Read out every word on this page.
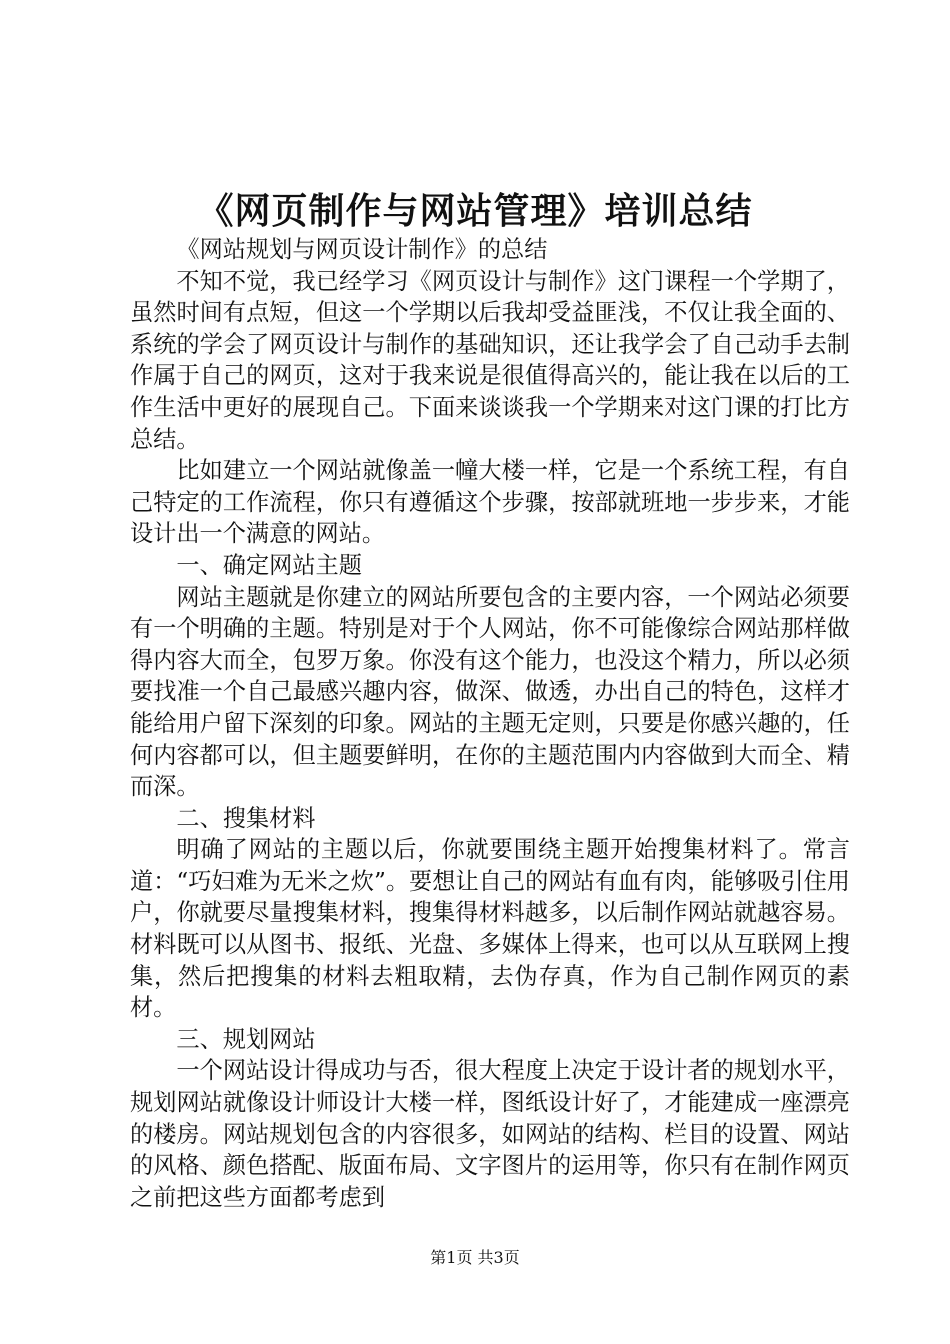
《网页制作与网站管理》培训总结

《网站规划与网页设计制作》的总结

不知不觉，我已经学习《网页设计与制作》这门课程一个学期了，虽然时间有点短，但这一个学期以后我却受益匪浅，不仅让我全面的、系统的学会了网页设计与制作的基础知识，还让我学会了自己动手去制作属于自己的网页，这对于我来说是很值得高兴的，能让我在以后的工作生活中更好的展现自己。下面来谈谈我一个学期来对这门课的打比方总结。

比如建立一个网站就像盖一幢大楼一样，它是一个系统工程，有自己特定的工作流程，你只有遵循这个步骤，按部就班地一步步来，才能设计出一个满意的网站。

一、确定网站主题

网站主题就是你建立的网站所要包含的主要内容，一个网站必须要有一个明确的主题。特别是对于个人网站，你不可能像综合网站那样做得内容大而全，包罗万象。你没有这个能力，也没这个精力，所以必须要找准一个自己最感兴趣内容，做深、做透，办出自己的特色，这样才能给用户留下深刻的印象。网站的主题无定则，只要是你感兴趣的，任何内容都可以，但主题要鲜明，在你的主题范围内内容做到大而全、精而深。

二、搜集材料

明确了网站的主题以后，你就要围绕主题开始搜集材料了。常言道：“巧妇难为无米之炊”。要想让自己的网站有血有肉，能够吸引住用户，你就要尽量搜集材料，搜集得材料越多，以后制作网站就越容易。材料既可以从图书、报纸、光盘、多媒体上得来，也可以从互联网上搜集，然后把搜集的材料去粗取精，去伪存真，作为自己制作网页的素材。

三、规划网站

一个网站设计得成功与否，很大程度上决定于设计者的规划水平，规划网站就像设计师设计大楼一样，图纸设计好了，才能建成一座漂亮的楼房。网站规划包含的内容很多，如网站的结构、栏目的设置、网站的风格、颜色搭配、版面布局、文字图片的运用等，你只有在制作网页之前把这些方面都考虑到

第1页 共3页
